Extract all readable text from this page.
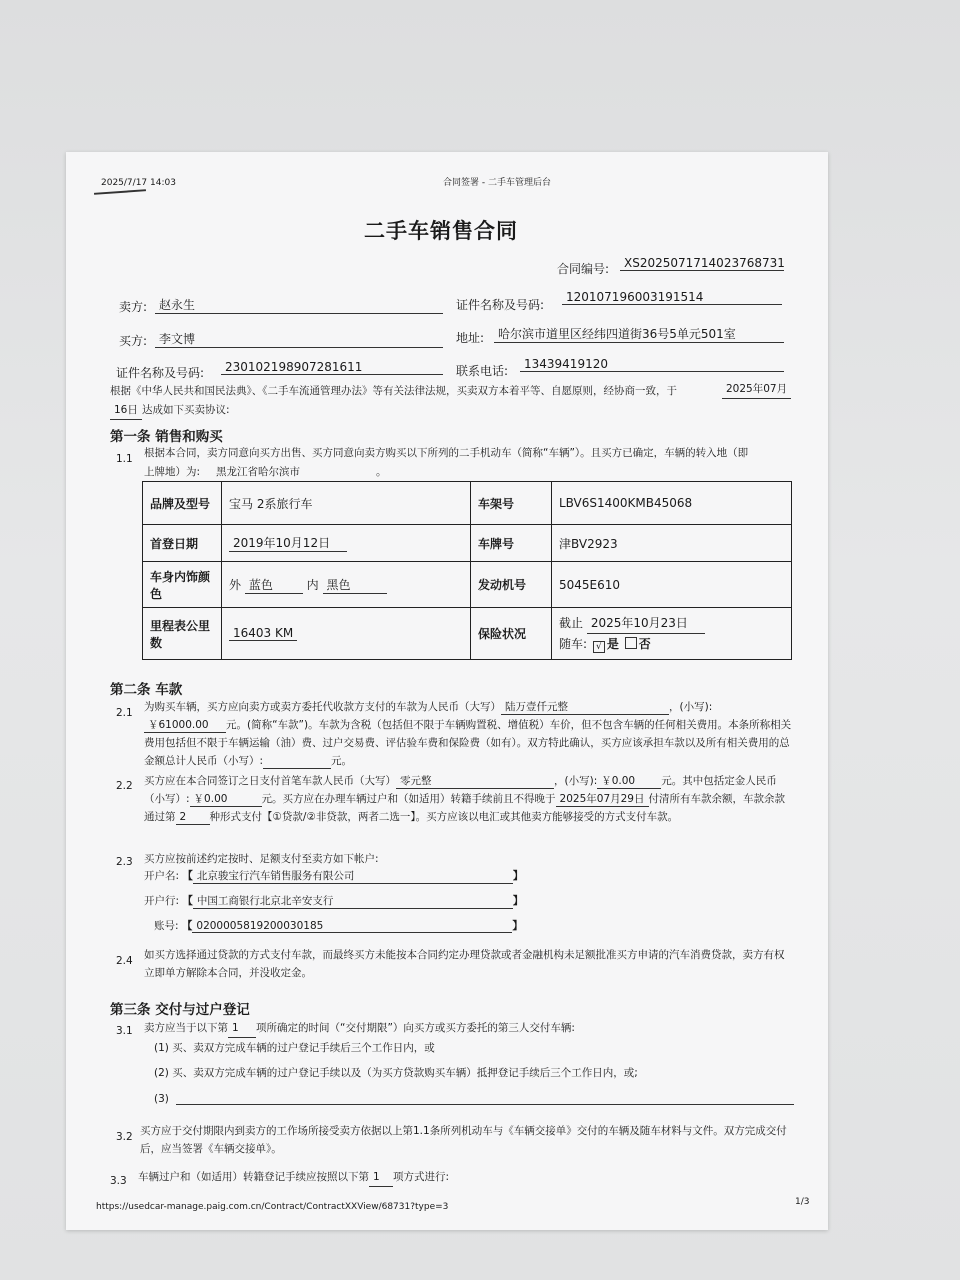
2025/7/17 14:03	合同签署 - 二手车管理后台
二手车销售合同
合同编号:	XS2025071714023768731
卖方: 赵永生	证件名称及号码:
120107196003191514
买方: 李文博	地址:	哈尔滨市道里区经纬四道街36号5单元501室
证件名称及号码:	230102198907281611	联系电话:	13439419120
根据《中华人民共和国民法典》、《二手车流通管理办法》等有关法律法规，买卖双方本着平等、自愿原则，经协商一致，于	2025年07月
16日 达成如下买卖协议:
第一条 销售和购买
1.1 根据本合同，卖方同意向买方出售、买方同意向卖方购买以下所列的二手机动车（简称“车辆”）。且买方已确定，车辆的转入地（即
上牌地）为:	黑龙江省哈尔滨市	。
品牌及型号	宝马 2系旅行车	车架号	LBV6S1400KMB45068
首登日期	2019年10月12日	车牌号	津BV2923
车身内饰颜色	外 蓝色 内 黑色	发动机号	5045E610
里程表公里数	16403 KM	保险状况	截止 2025年10月23日
随车: √ 是 否
第二条 车款
2.1 为购买车辆，买方应向卖方或卖方委托代收款方支付的车款为人民币（大写） 陆万壹仟元整	，(小写):
￥61000.00 元。(简称“车款”)。车款为含税（包括但不限于车辆购置税、增值税）车价，但不包含车辆的任何相关费用。本条所称相关费用包括但不限于车辆运输（油）费、过户交易费、评估验车费和保险费（如有）。双方特此确认，买方应该承担车款以及所有相关费用的总金额总计人民币（小写）:	元。
2.2 买方应在本合同签订之日支付首笔车款人民币（大写） 零元整	，(小写): ￥0.00 元。其中包括定金人民币（小写）: ￥0.00	元。买方应在办理车辆过户和（如适用）转籍手续前且不得晚于 2025年07月29日 付清所有车款余额，车款余款通过第 2 种形式支付【①贷款/②非贷款，两者二选一】。买方应该以电汇或其他卖方能够接受的方式支付车款。
2.3 买方应按前述约定按时、足额支付至卖方如下帐户:
开户名: 【 北京骏宝行汽车销售服务有限公司	】
开户行: 【 中国工商银行北京北辛安支行	】
账号: 【 0200005819200030185	】
2.4 如买方选择通过贷款的方式支付车款，而最终买方未能按本合同约定办理贷款或者金融机构未足额批准买方申请的汽车消费贷款，卖方有权立即单方解除本合同，并没收定金。
第三条 交付与过户登记
3.1 卖方应当于以下第 1 项所确定的时间（“交付期限”）向买方或买方委托的第三人交付车辆:
(1) 买、卖双方完成车辆的过户登记手续后三个工作日内，或
(2) 买、卖双方完成车辆的过户登记手续以及（为买方贷款购买车辆）抵押登记手续后三个工作日内，或;
(3)
3.2 买方应于交付期限内到卖方的工作场所接受卖方依据以上第1.1条所列机动车与《车辆交接单》交付的车辆及随车材料与文件。双方完成交付后，应当签署《车辆交接单》。
3.3 车辆过户和（如适用）转籍登记手续应按照以下第 1 项方式进行:
https://usedcar-manage.paig.com.cn/Contract/ContractXXView/68731?type=3	1/3
